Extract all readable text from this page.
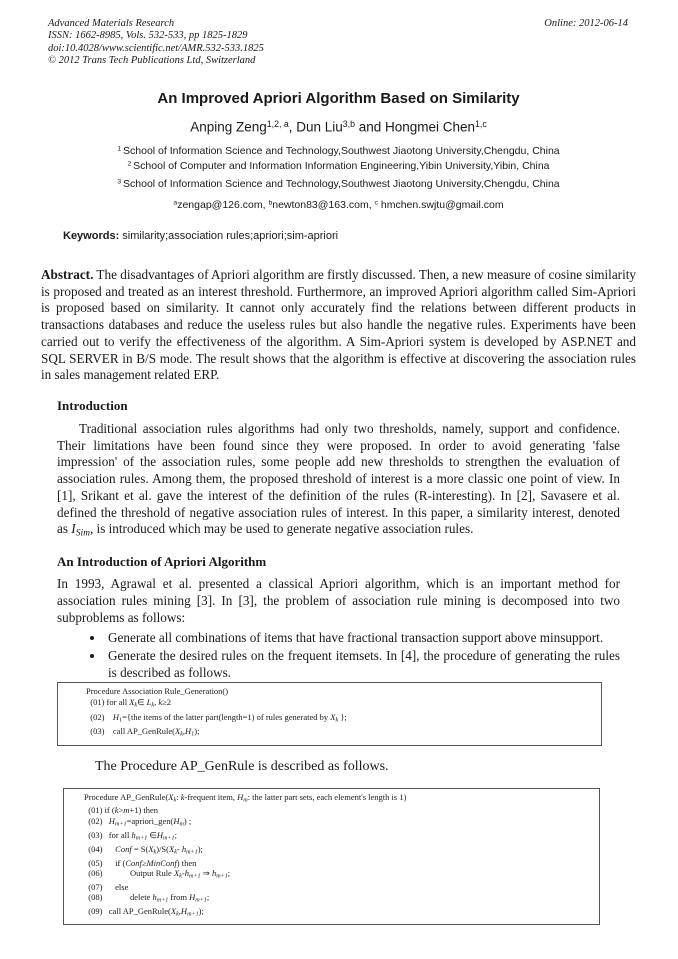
Advanced Materials Research
ISSN: 1662-8985, Vols. 532-533, pp 1825-1829
doi:10.4028/www.scientific.net/AMR.532-533.1825
© 2012 Trans Tech Publications Ltd, Switzerland
Online: 2012-06-14
An Improved Apriori Algorithm Based on Similarity
Anping Zeng$^{1,2, a}$, Dun Liu$^{3,b}$ and Hongmei Chen$^{1,c}$
$^1$ School of Information Science and Technology,Southwest Jiaotong University,Chengdu, China
$^2$ School of Computer and Information Information Engineering,Yibin University,Yibin, China
$^3$ School of Information Science and Technology,Southwest Jiaotong University,Chengdu, China
$^a$zengap@126.com, $^b$newton83@163.com, $^c$ hmchen.swjtu@gmail.com
Keywords: similarity;association rules;apriori;sim-apriori
Abstract. The disadvantages of Apriori algorithm are firstly discussed. Then, a new measure of cosine similarity is proposed and treated as an interest threshold. Furthermore, an improved Apriori algorithm called Sim-Apriori is proposed based on similarity. It cannot only accurately find the relations between different products in transactions databases and reduce the useless rules but also handle the negative rules. Experiments have been carried out to verify the effectiveness of the algorithm. A Sim-Apriori system is developed by ASP.NET and SQL SERVER in B/S mode. The result shows that the algorithm is effective at discovering the association rules in sales management related ERP.
Introduction
Traditional association rules algorithms had only two thresholds, namely, support and confidence. Their limitations have been found since they were proposed. In order to avoid generating 'false impression' of the association rules, some people add new thresholds to strengthen the evaluation of association rules. Among them, the proposed threshold of interest is a more classic one point of view. In [1], Srikant et al. gave the interest of the definition of the rules (R-interesting). In [2], Savasere et al. defined the threshold of negative association rules of interest. In this paper, a similarity interest, denoted as ISim, is introduced which may be used to generate negative association rules.
An Introduction of Apriori Algorithm
In 1993, Agrawal et al. presented a classical Apriori algorithm, which is an important method for association rules mining [3]. In [3], the problem of association rule mining is decomposed into two subproblems as follows:
• Generate all combinations of items that have fractional transaction support above minsupport.
• Generate the desired rules on the frequent itemsets. In [4], the procedure of generating the rules is described as follows.
Procedure Association Rule_Generation()
(01) for all Xk∈ Lk, k≥2
(02)    H1={the items of the latter part(length=1) of rules generated by Xk };
(03)    call AP_GenRule(Xk,H1);
The Procedure AP_GenRule is described as follows.
Procedure AP_GenRule(Xk: k-frequent item, Hm: the latter part sets, each element's length is 1)
(01) if (k>m+1) then
(02)   Hm+1=apriori_gen(Hm) ;
(03)   for all hm+1 ∈Hm+1;
(04)      Conf = S(Xk)/S(Xk- hm+1);
(05)      if (Conf≥MinConf) then
(06)             Output Rule Xk-hm+1 ⇒ hm+1;
(07)      else
(08)             delete hm+1 from Hm+1;
(09)   call AP_GenRule(Xk,Hm+1);
